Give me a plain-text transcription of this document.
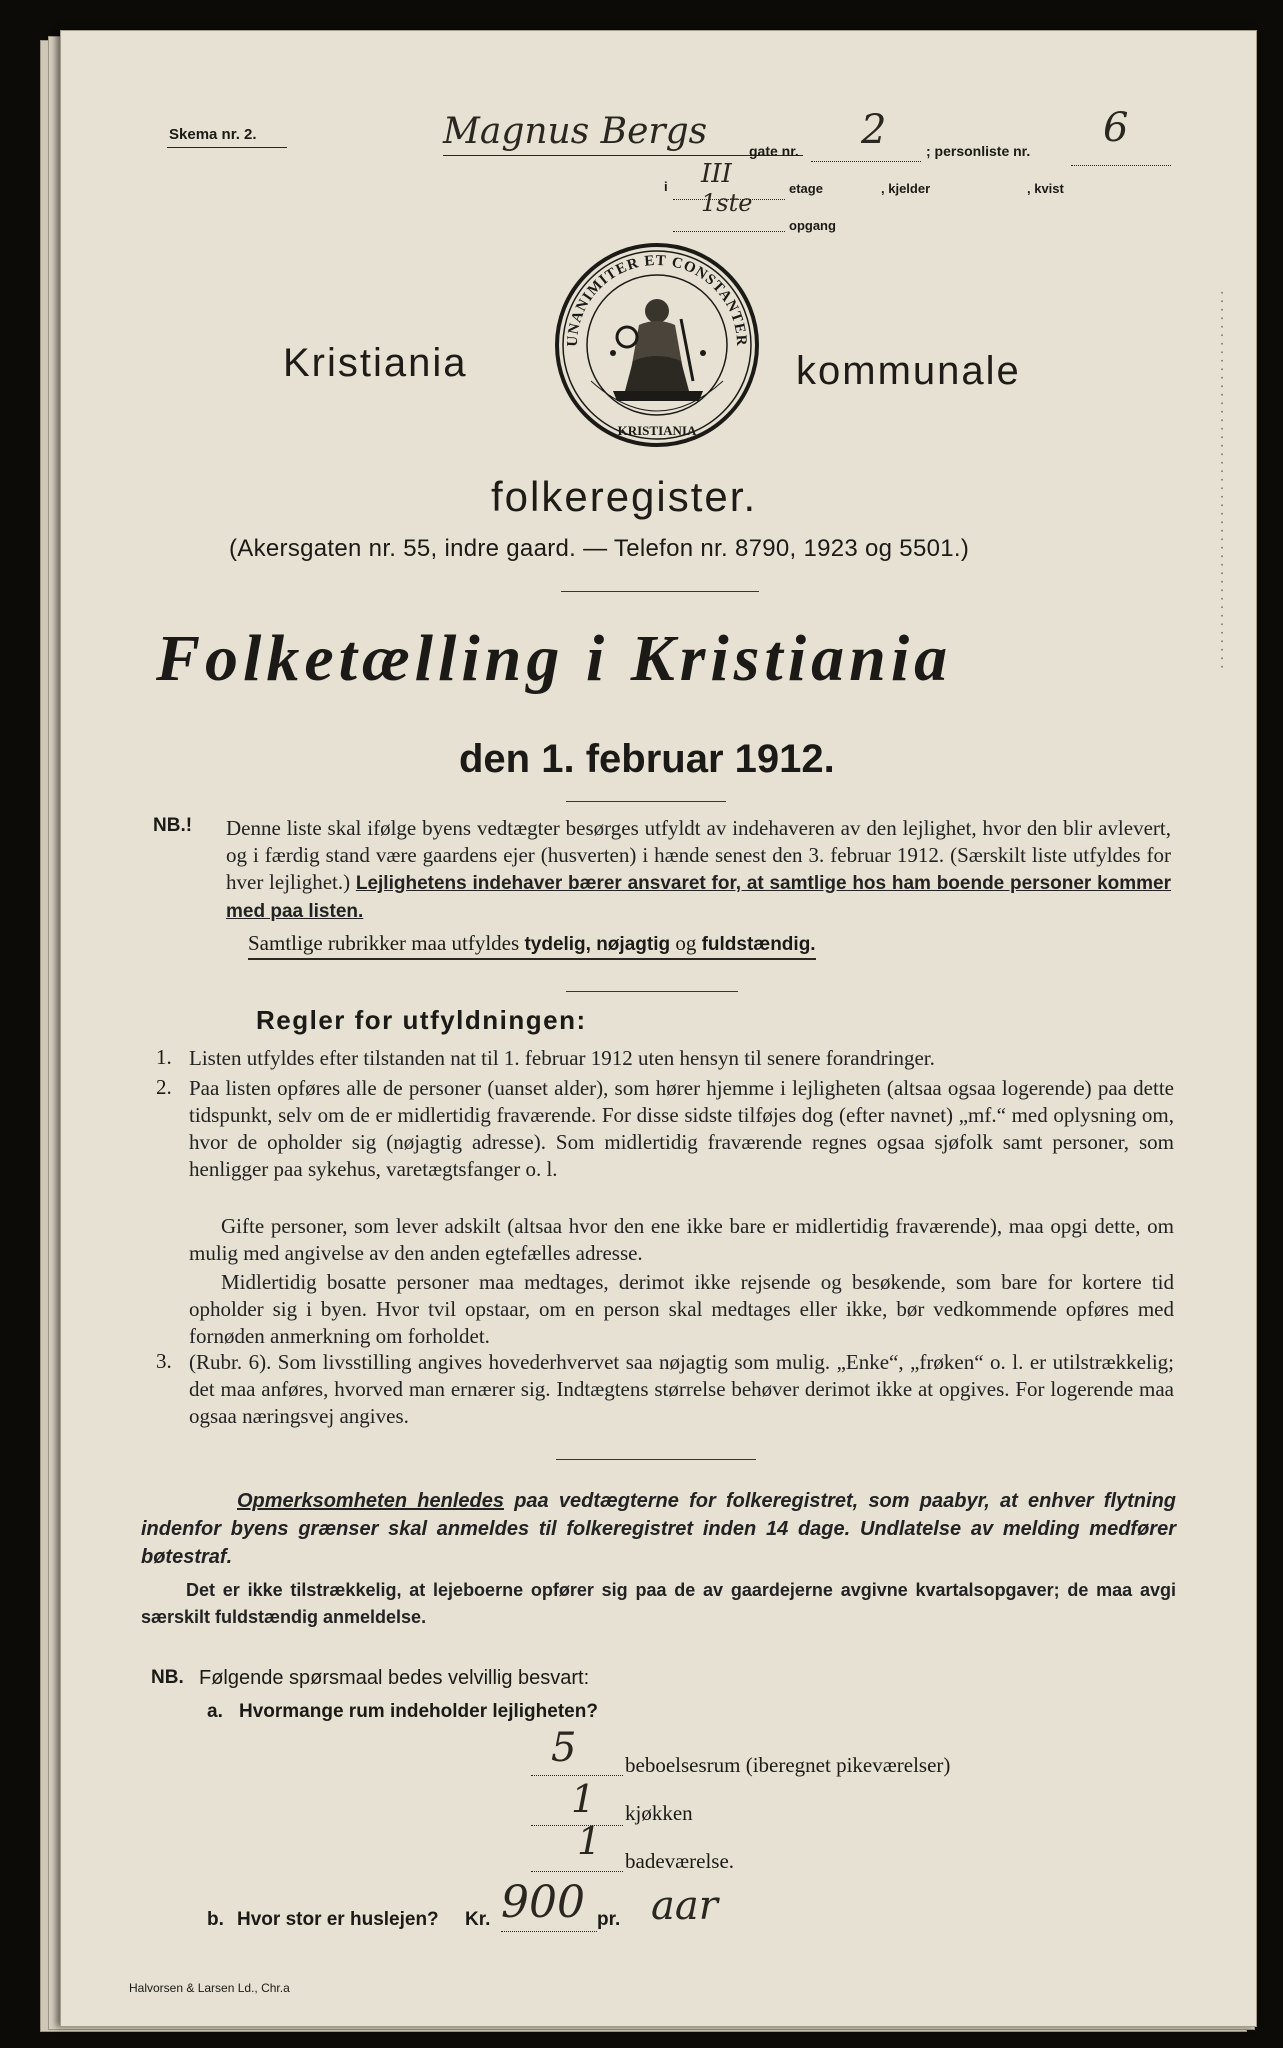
. . . . . . . . . . . . . . . . . . . . . . . . . . . . . . . . . . . . . . . . . . . . .
Skema nr. 2.	Magnus Bergs	gate nr. 2	; personliste nr. 6
i III	etage	, kjelder	, kvist
1ste
opgang
Kristiania
UNANIMITER ET CONSTANTER
KRISTIANIA
kommunale
folkeregister.
(Akersgaten nr. 55, indre gaard. — Telefon nr. 8790, 1923 og 5501.)
Folketælling i Kristiania
den 1. februar 1912.
NB.! Denne liste skal ifølge byens vedtægter besørges utfyldt av indehaveren av den lejlighet, hvor den blir avlevert, og i færdig stand være gaardens ejer (husverten) i hænde senest den 3. februar 1912. (Særskilt liste utfyldes for hver lejlighet.) Lejlighetens indehaver bærer ansvaret for, at samtlige hos ham boende personer kommer med paa listen.

Samtlige rubrikker maa utfyldes tydelig, nøjagtig og fuldstændig.
Regler for utfyldningen:
1. Listen utfyldes efter tilstanden nat til 1. februar 1912 uten hensyn til senere forandringer.

2. Paa listen opføres alle de personer (uanset alder), som hører hjemme i lejligheten (altsaa ogsaa logerende) paa dette tidspunkt, selv om de er midlertidig fraværende. For disse sidste tilføjes dog (efter navnet) „mf.“ med oplysning om, hvor de opholder sig (nøjagtig adresse). Som midlertidig fraværende regnes ogsaa sjøfolk samt personer, som henligger paa sykehus, varetægtsfanger o. l.

Gifte personer, som lever adskilt (altsaa hvor den ene ikke bare er midlertidig fraværende), maa opgi dette, om mulig med angivelse av den anden egtefælles adresse.

Midlertidig bosatte personer maa medtages, derimot ikke rejsende og besøkende, som bare for kortere tid opholder sig i byen. Hvor tvil opstaar, om en person skal medtages eller ikke, bør vedkommende opføres med fornøden anmerkning om forholdet.

3. (Rubr. 6). Som livsstilling angives hovederhvervet saa nøjagtig som mulig. „Enke“, „frøken“ o. l. er utilstrækkelig; det maa anføres, hvorved man ernærer sig. Indtægtens størrelse behøver derimot ikke at opgives. For logerende maa ogsaa næringsvej angives.

Opmerksomheten henledes paa vedtægterne for folkeregistret, som paabyr, at enhver flytning indenfor byens grænser skal anmeldes til folkeregistret inden 14 dage. Undlatelse av melding medfører bøtestraf.

Det er ikke tilstrækkelig, at lejeboerne opfører sig paa de av gaardejerne avgivne kvartalsopgaver; de maa avgi særskilt fuldstændig anmeldelse.

NB. Følgende spørsmaal bedes velvillig besvart:
a. Hvormange rum indeholder lejligheten?
5 beboelsesrum (iberegnet pikeværelser)
1 kjøkken
1 badeværelse.
b. Hvor stor er huslejen? Kr. 900 pr. aar
Halvorsen & Larsen Ld., Chr.a
